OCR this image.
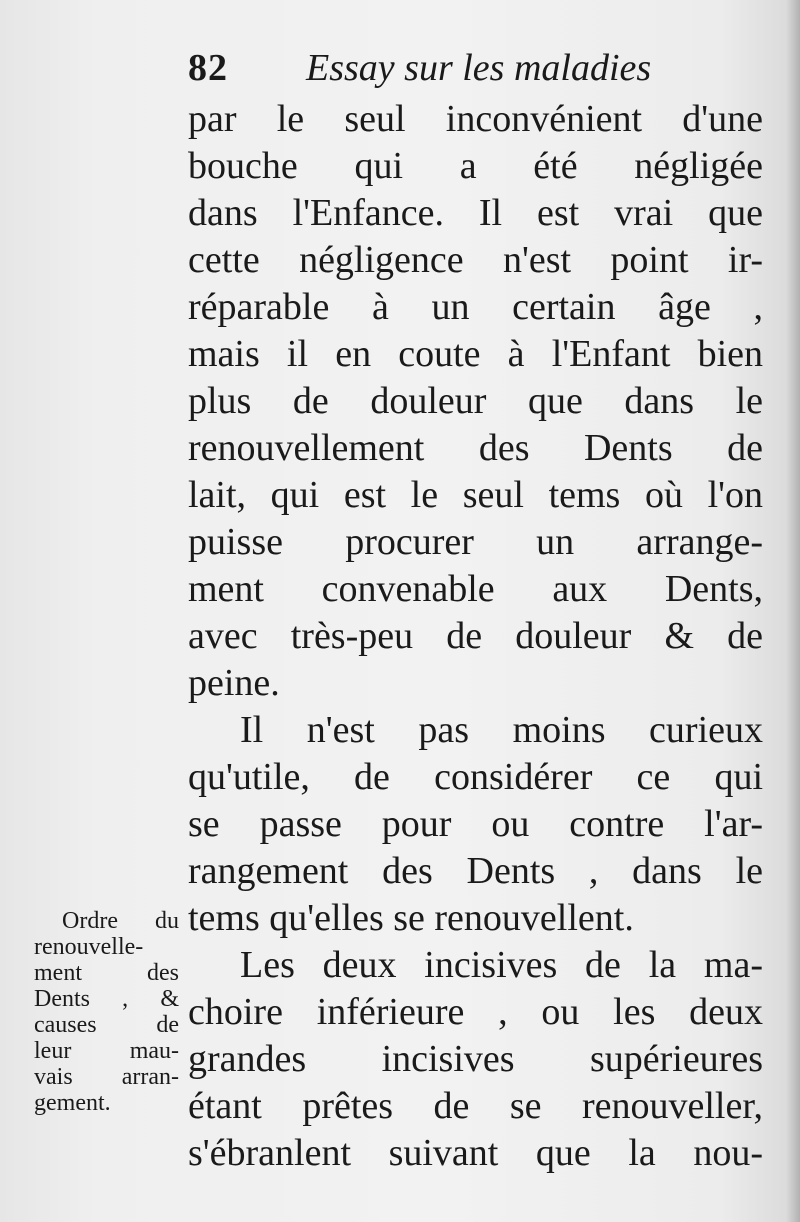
82 Essay sur les maladies
par le seul inconvénient d'une
bouche qui a été négligée
dans l'Enfance. Il est vrai que
cette négligence n'est point ir-
réparable à un certain âge ,
mais il en coute à l'Enfant bien
plus de douleur que dans le
renouvellement des Dents de
lait, qui est le seul tems où l'on
puisse procurer un arrange-
ment convenable aux Dents,
avec très-peu de douleur & de
peine.
Il n'est pas moins curieux
qu'utile, de considérer ce qui
se passe pour ou contre l'ar-
rangement des Dents , dans le
tems qu'elles se renouvellent.
Les deux incisives de la ma-
choire inférieure , ou les deux
grandes incisives supérieures
étant prêtes de se renouveller,
s'ébranlent suivant que la nou-
Ordre du
renouvelle-
ment des
Dents , &
causes de
leur mau-
vais arran-
gement.
